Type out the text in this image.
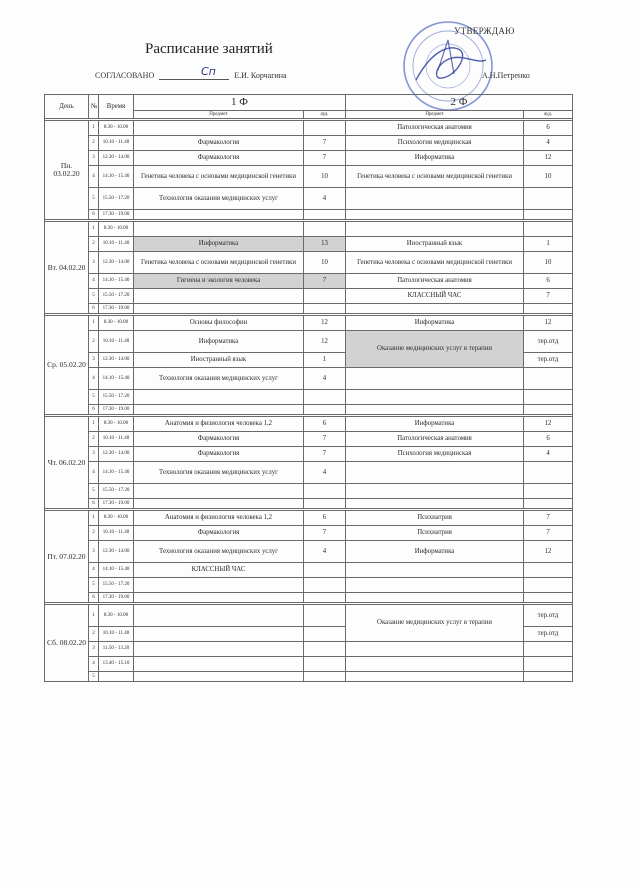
УТВЕРЖДАЮ
Расписание занятий
СОГЛАСОВАНО	Сп Е.И. Корчагина	А.Н.Петренко
День	№	Время	1 Ф		2 Ф	
			Предмет	ауд.	Предмет	ауд.

Пн. 03.02.20	1	8.30 - 10.00			Патологическая анатомия	6
	2	10.10 - 11.40	Фармакология	7	Психология медицинская	4
	3	12.30 - 14.00	Фармакология	7	Информатика	12
	4	14.10 - 15.40	Генетика человека с основами медицинской генетики	10	Генетика человека с основами медицинской генетики	10
	5	15.50 - 17.20	Технология оказания медицинских услуг	4		
	6	17.30 - 19.00				

Вт. 04.02.20	1	8.30 - 10.00				
	2	10.10 - 11.40	Информатика	13	Иностранный язык	1
	3	12.30 - 14.00	Генетика человека с основами медицинской генетики	10	Генетика человека с основами медицинской генетики	10
	4	14.10 - 15.40	Гигиена и экология человека	7	Патологическая анатомия	6
	5	15.50 - 17.20			КЛАССНЫЙ ЧАС	7
	6	17.30 - 19.00				

Ср. 05.02.20	1	8.30 - 10.00	Основы философии	12	Информатика	12
	2	10.10 - 11.40	Информатика	12	Оказание медицинских услуг в терапии	тер.отд
	3	12.30 - 14.00	Иностранный язык	1		тер.отд
	4	14.10 - 15.40	Технология оказания медицинских услуг	4		
	5	15.50 - 17.20				
	6	17.30 - 19.00				

Чт. 06.02.20	1	8.30 - 10.00	Анатомия и физиология человека 1,2	6	Информатика	12
	2	10.10 - 11.40	Фармакология	7	Патологическая анатомия	6
	3	12.30 - 14.00	Фармакология	7	Психология медицинская	4
	4	14.10 - 15.40	Технология оказания медицинских услуг	4		
	5	15.50 - 17.20				
	6	17.30 - 19.00				

Пт. 07.02.20	1	8.30 - 10.00	Анатомия и физиология человека 1,2	6	Психиатрия	7
	2	10.10 - 11.40	Фармакология	7	Психиатрия	7
	3	12.30 - 14.00	Технология оказания медицинских услуг	4	Информатика	12
	4	14.10 - 15.40	КЛАССНЫЙ ЧАС			
	5	15.50 - 17.20				
	6	17.30 - 19.00				

Сб. 08.02.20	1	8.30 - 10.00			Оказание медицинских услуг в терапии	тер.отд
	2	10.10 - 11.40				тер.отд
	3	11.50 - 13.20				
	4	13.40 - 15.10				
	5					
